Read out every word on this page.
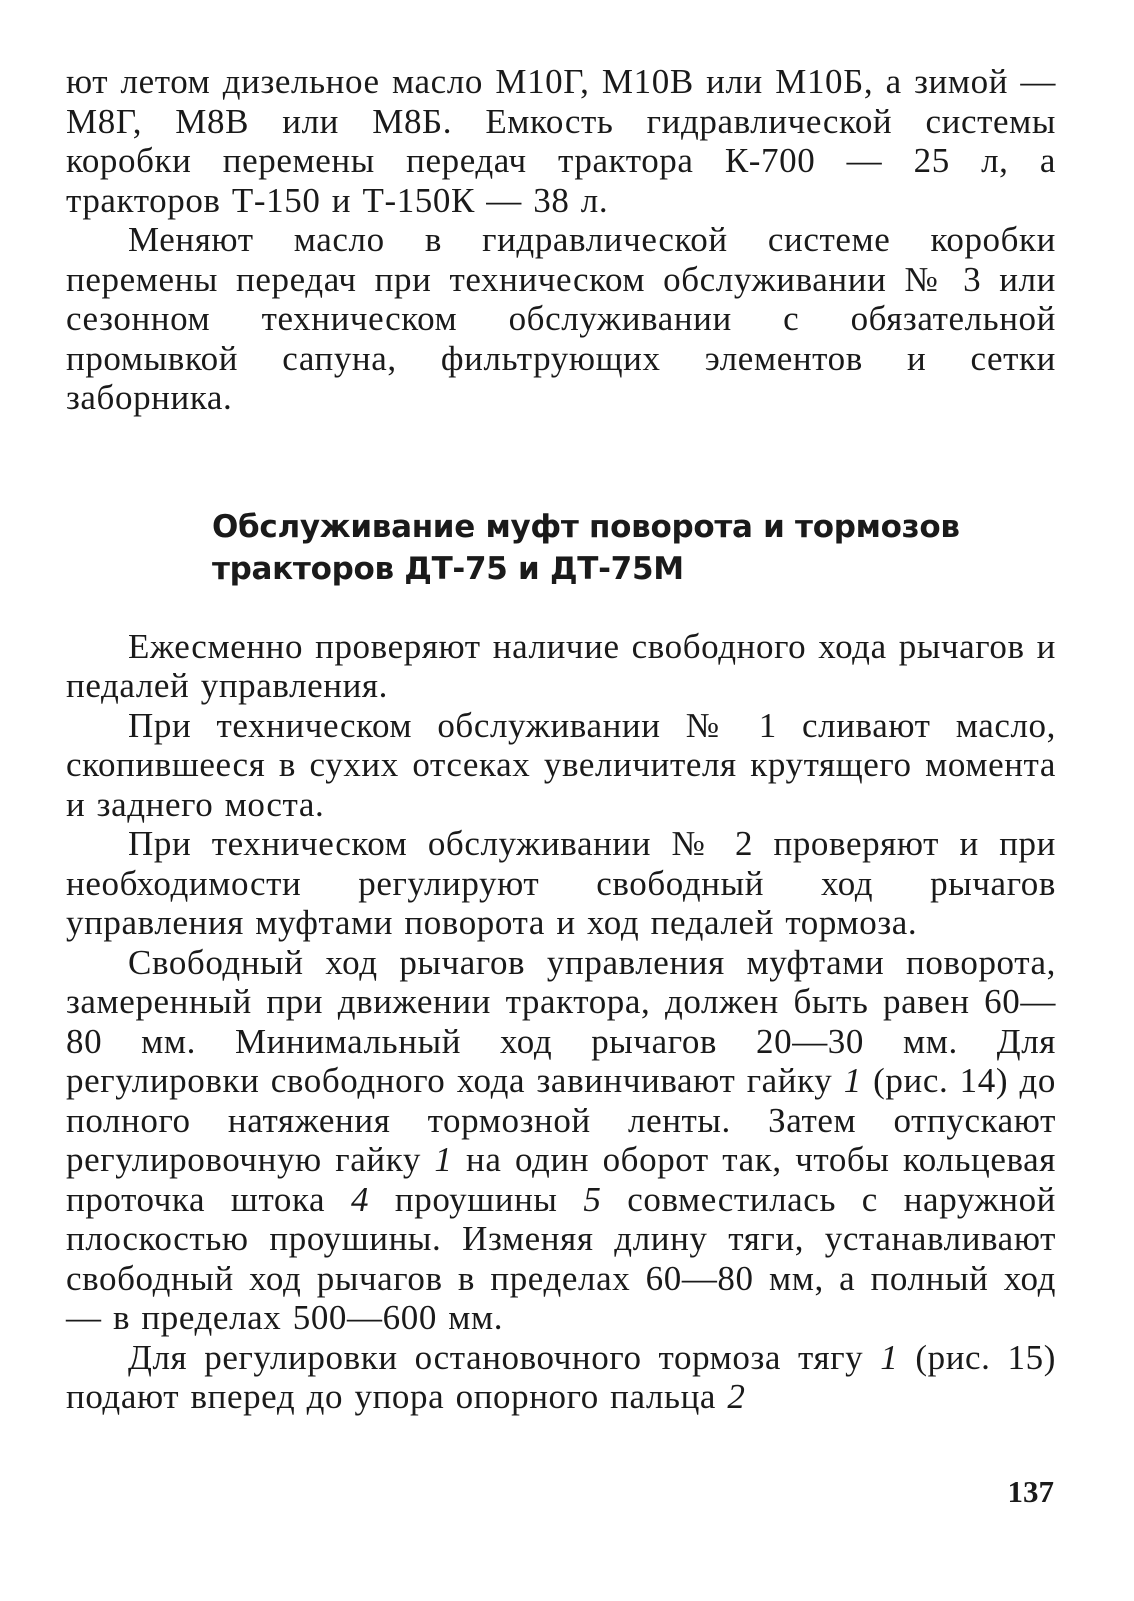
ют летом дизельное масло М10Г, М10В или М10Б, а зимой — М8Г, М8В или М8Б. Емкость гидравлической системы коробки перемены передач трактора К-700 — 25 л, а тракторов Т-150 и Т-150К — 38 л.

Меняют масло в гидравлической системе коробки перемены передач при техническом обслуживании № 3 или сезонном техническом обслуживании с обязательной промывкой сапуна, фильтрующих элементов и сетки заборника.

Обслуживание муфт поворота и тормозов
тракторов ДТ-75 и ДТ-75М

Ежесменно проверяют наличие свободного хода рычагов и педалей управления.

При техническом обслуживании № 1 сливают масло, скопившееся в сухих отсеках увеличителя крутящего момента и заднего моста.

При техническом обслуживании № 2 проверяют и при необходимости регулируют свободный ход рычагов управления муфтами поворота и ход педалей тормоза.

Свободный ход рычагов управления муфтами поворота, замеренный при движении трактора, должен быть равен 60—80 мм. Минимальный ход рычагов 20—30 мм. Для регулировки свободного хода завинчивают гайку 1 (рис. 14) до полного натяжения тормозной ленты. Затем отпускают регулировочную гайку 1 на один оборот так, чтобы кольцевая проточка штока 4 проушины 5 совместилась с наружной плоскостью проушины. Изменяя длину тяги, устанавливают свободный ход рычагов в пределах 60—80 мм, а полный ход — в пределах 500—600 мм.

Для регулировки остановочного тормоза тягу 1 (рис. 15) подают вперед до упора опорного пальца 2

137
